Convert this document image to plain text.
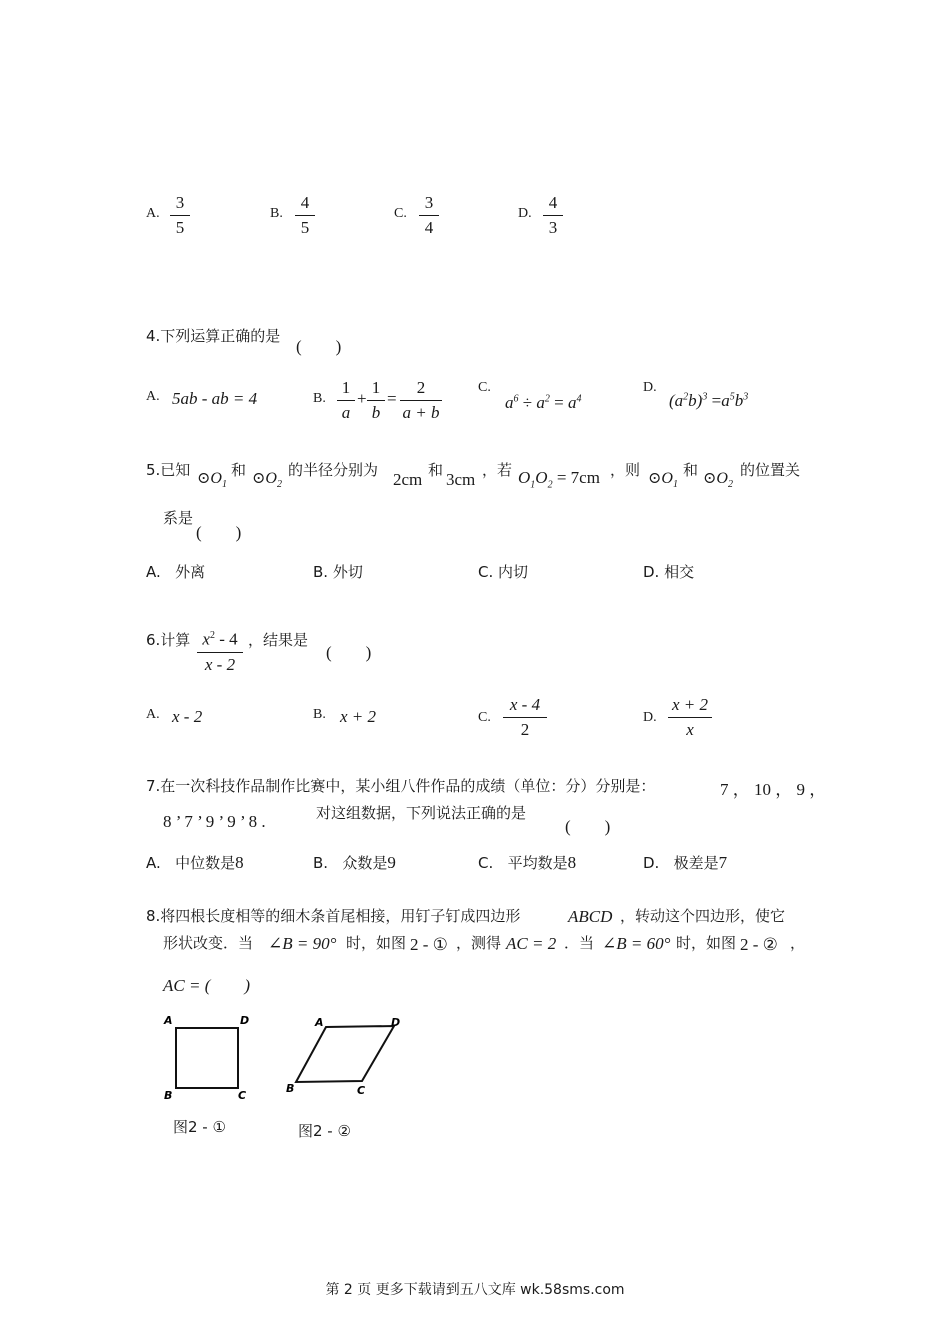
A.
3
5
B.
4
5
C.
3
4
D.
4
3
4.下列运算正确的是
(　　)
A. 5ab - ab = 4	B.
1
a
+
1
b
=
2
a + b
C.
$a^6 \div a^2 = a^4$
D.
$(a^2b)^3 =a^5b^3$
5.已知 $⊙O_1$
和 $⊙O_2$
的半径分别为 2cm 和 3cm ，若 $O_1O_2 = 7cm$ ，则 $⊙O_1$
和 $⊙O_2$
的位置关
系是
(　　)
A. 外离	B. 外切	C. 内切	D. 相交
6.计算 $x^2 - 4$
x - 2
，结果是
(　　)
A. x - 2	B. x + 2	C.
x - 4
2
D.
x + 2
x
7.在一次科技作品制作比赛中，某小组八件作品的成绩（单位：分）分别是：	7 ， 10 ， 9 ，
8 ’ 7 ’ 9 ’ 9 ’ 8 .	对这组数据，下列说法正确的是
(　　)
A. 中位数是8	B. 众数是9	C. 平均数是8	D. 极差是7
8.将四根长度相等的细木条首尾相接，用钉子钉成四边形	ABCD ，转动这个四边形，使它
形状改变．当 ∠B = 90° 时，如图 2 - ① ，测得 AC = 2 ．当 ∠B = 60° 时，如图 2 - ② ，
AC = (　　)
A	D
B	C
图2 - ①
A	D
B	C
图2 - ②
第 2 页 更多下载请到五八文库 wk.58sms.com
